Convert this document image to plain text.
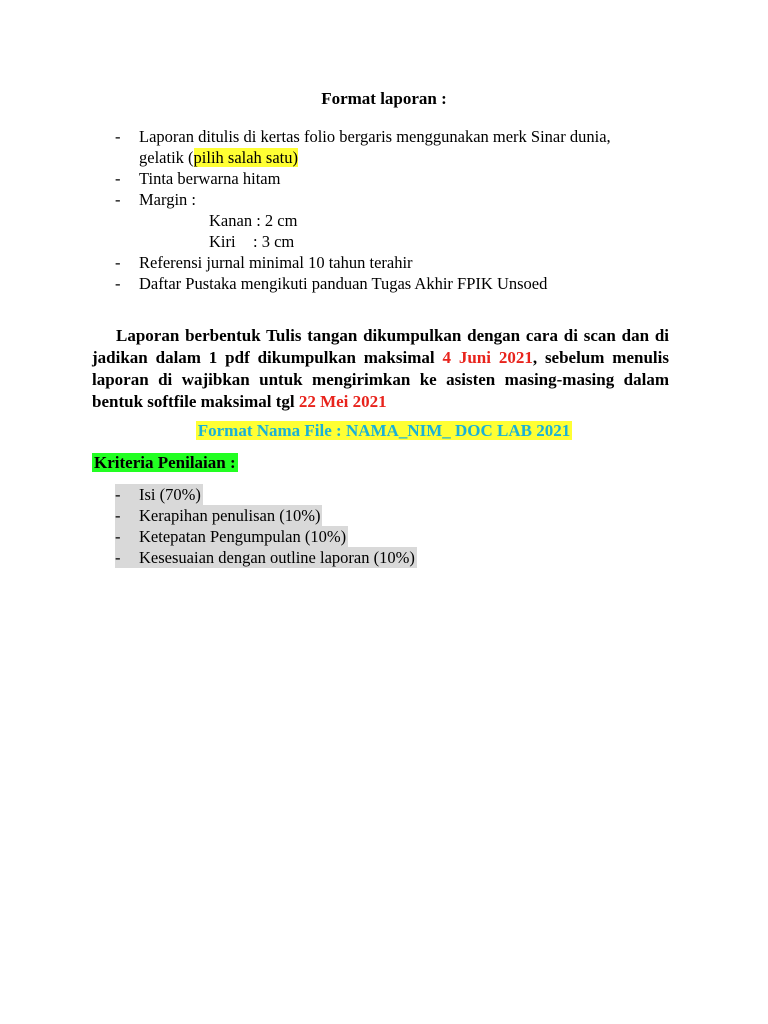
Format laporan :
- Laporan ditulis di kertas folio bergaris menggunakan merk Sinar dunia,
gelatik (pilih salah satu)
- Tinta berwarna hitam
- Margin :
Kanan : 2 cm
Kiri : 3 cm
- Referensi jurnal minimal 10 tahun terahir
- Daftar Pustaka mengikuti panduan Tugas Akhir FPIK Unsoed
Laporan berbentuk Tulis tangan dikumpulkan dengan cara di scan dan di jadikan dalam 1 pdf dikumpulkan maksimal 4 Juni 2021, sebelum menulis laporan di wajibkan untuk mengirimkan ke asisten masing-masing dalam bentuk softfile maksimal tgl 22 Mei 2021
Format Nama File : NAMA_NIM_ DOC LAB 2021
Kriteria Penilaian :
- Isi (70%)
- Kerapihan penulisan (10%)
- Ketepatan Pengumpulan (10%)
- Kesesuaian dengan outline laporan (10%)
